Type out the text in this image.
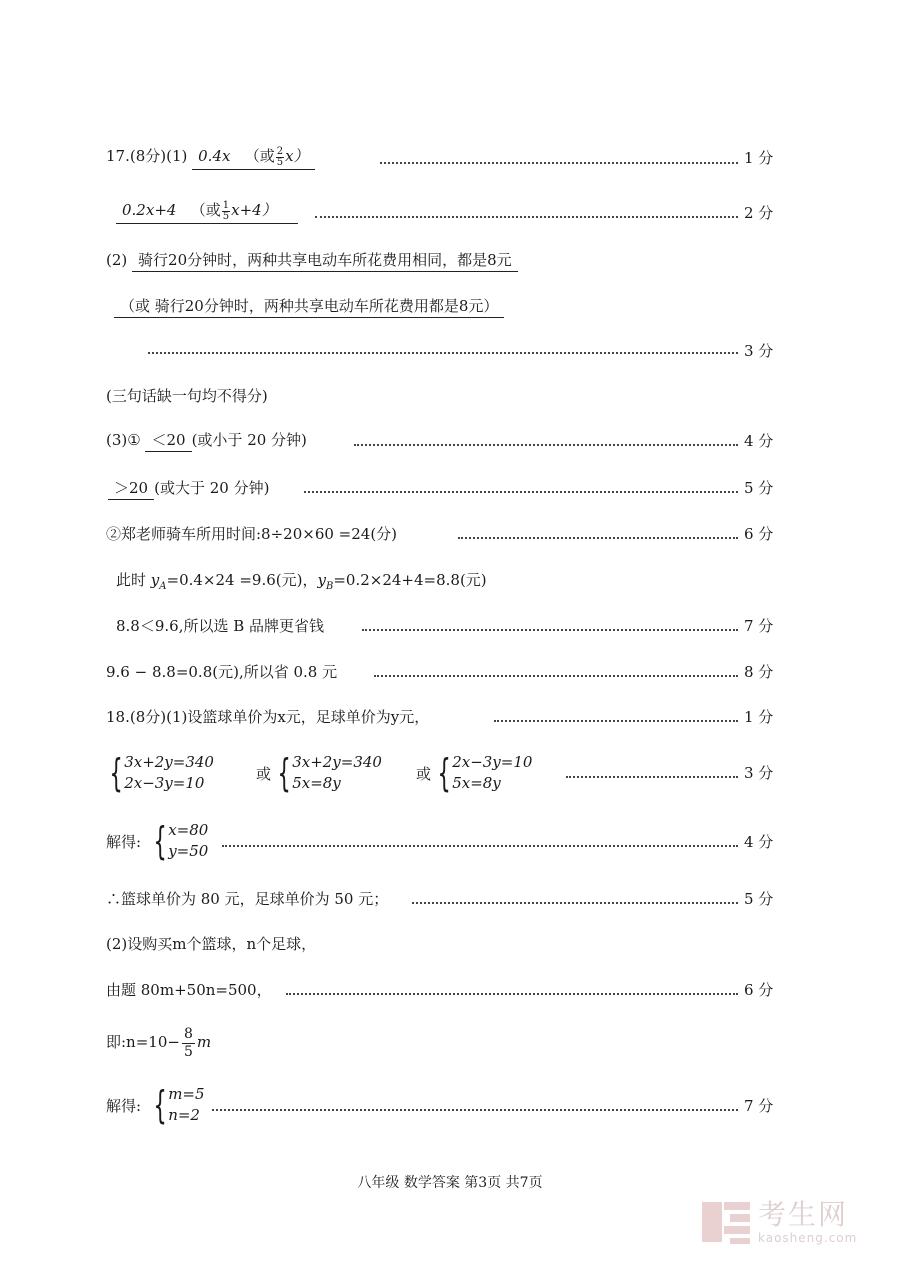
17.(8分)(1) 0.4x （或 $\frac{2}{5} x$）	1 分
0.2x+4 （或 $\frac{1}{5} x+4$）	2 分
(2) 骑行20分钟时，两种共享电动车所花费用相同，都是8元
（或 骑行20分钟时，两种共享电动车所花费用都是8元）
3 分
(三句话缺一句均不得分)
(3)① ＜20 (或小于 20 分钟)	4 分
＞20 (或大于 20 分钟)	5 分
②郑老师骑车所用时间:8÷20×60 =24(分)	6 分
此时 $y_A=0.4\times 24 =9.6$(元)，$y_B=0.2\times 24+4=8.8$(元)
8.8＜9.6,所以选 B 品牌更省钱	7 分
9.6 − 8.8=0.8(元),所以省 0.8 元	8 分
18.(8分)(1)设篮球单价为x元，足球单价为y元，	1 分
{ 3x+2y=340
2x−3y=10	或 { 3x+2y=340
5x=8y	或 { 2x−3y=10
5x=8y
3 分
解得: { x=80
y=50	4 分
∴篮球单价为 80 元，足球单价为 50 元；	5 分
(2)设购买m个篮球，n个足球，
由题 80m+50n=500，	6 分
即:n=10− $\frac{8}{5}$ m
解得: { m=5
n=2	7 分
八年级 数学答案 第3页 共7页
考生网
kaosheng.com
